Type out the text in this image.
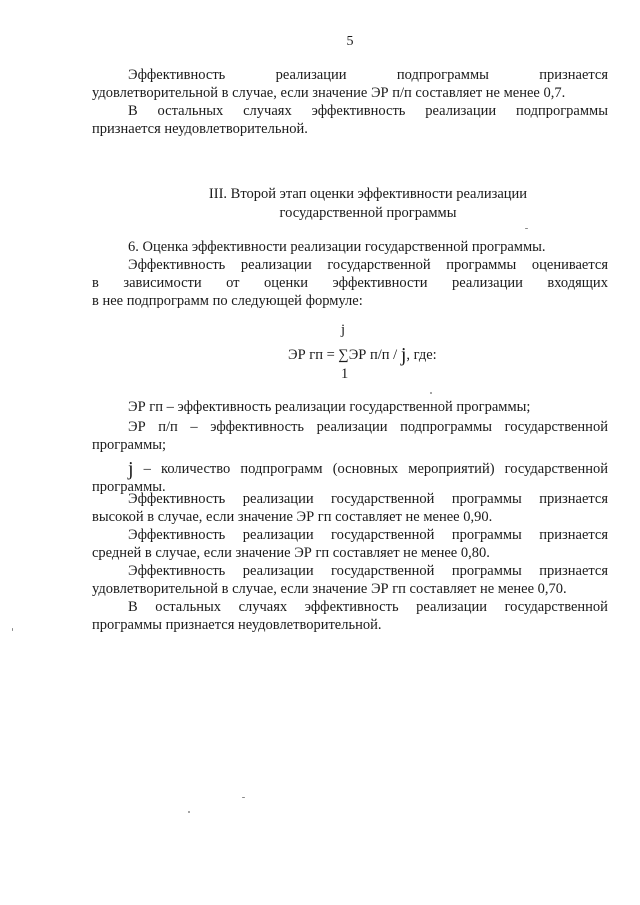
5
Эффективность	реализации	подпрограммы	признается
удовлетворительной в случае, если значение ЭР п/п составляет не менее 0,7.
В остальных случаях эффективность реализации подпрограммы
признается неудовлетворительной.
III. Второй этап оценки эффективности реализации
государственной программы
6. Оценка эффективности реализации государственной программы.
Эффективность реализации государственной программы оценивается
в зависимости от оценки эффективности реализации входящих
в нее подпрограмм по следующей формуле:
j
ЭР гп = ∑ЭР п/п / j, где:
1
ЭР гп – эффективность реализации государственной программы;
ЭР п/п – эффективность реализации подпрограммы государственной
программы;
j – количество подпрограмм (основных мероприятий) государственной
программы.
Эффективность реализации государственной программы признается
высокой в случае, если значение ЭР гп составляет не менее 0,90.
Эффективность реализации государственной программы признается
средней в случае, если значение ЭР гп составляет не менее 0,80.
Эффективность реализации государственной программы признается
удовлетворительной в случае, если значение ЭР гп составляет не менее 0,70.
В остальных случаях эффективность реализации государственной
программы признается неудовлетворительной.
